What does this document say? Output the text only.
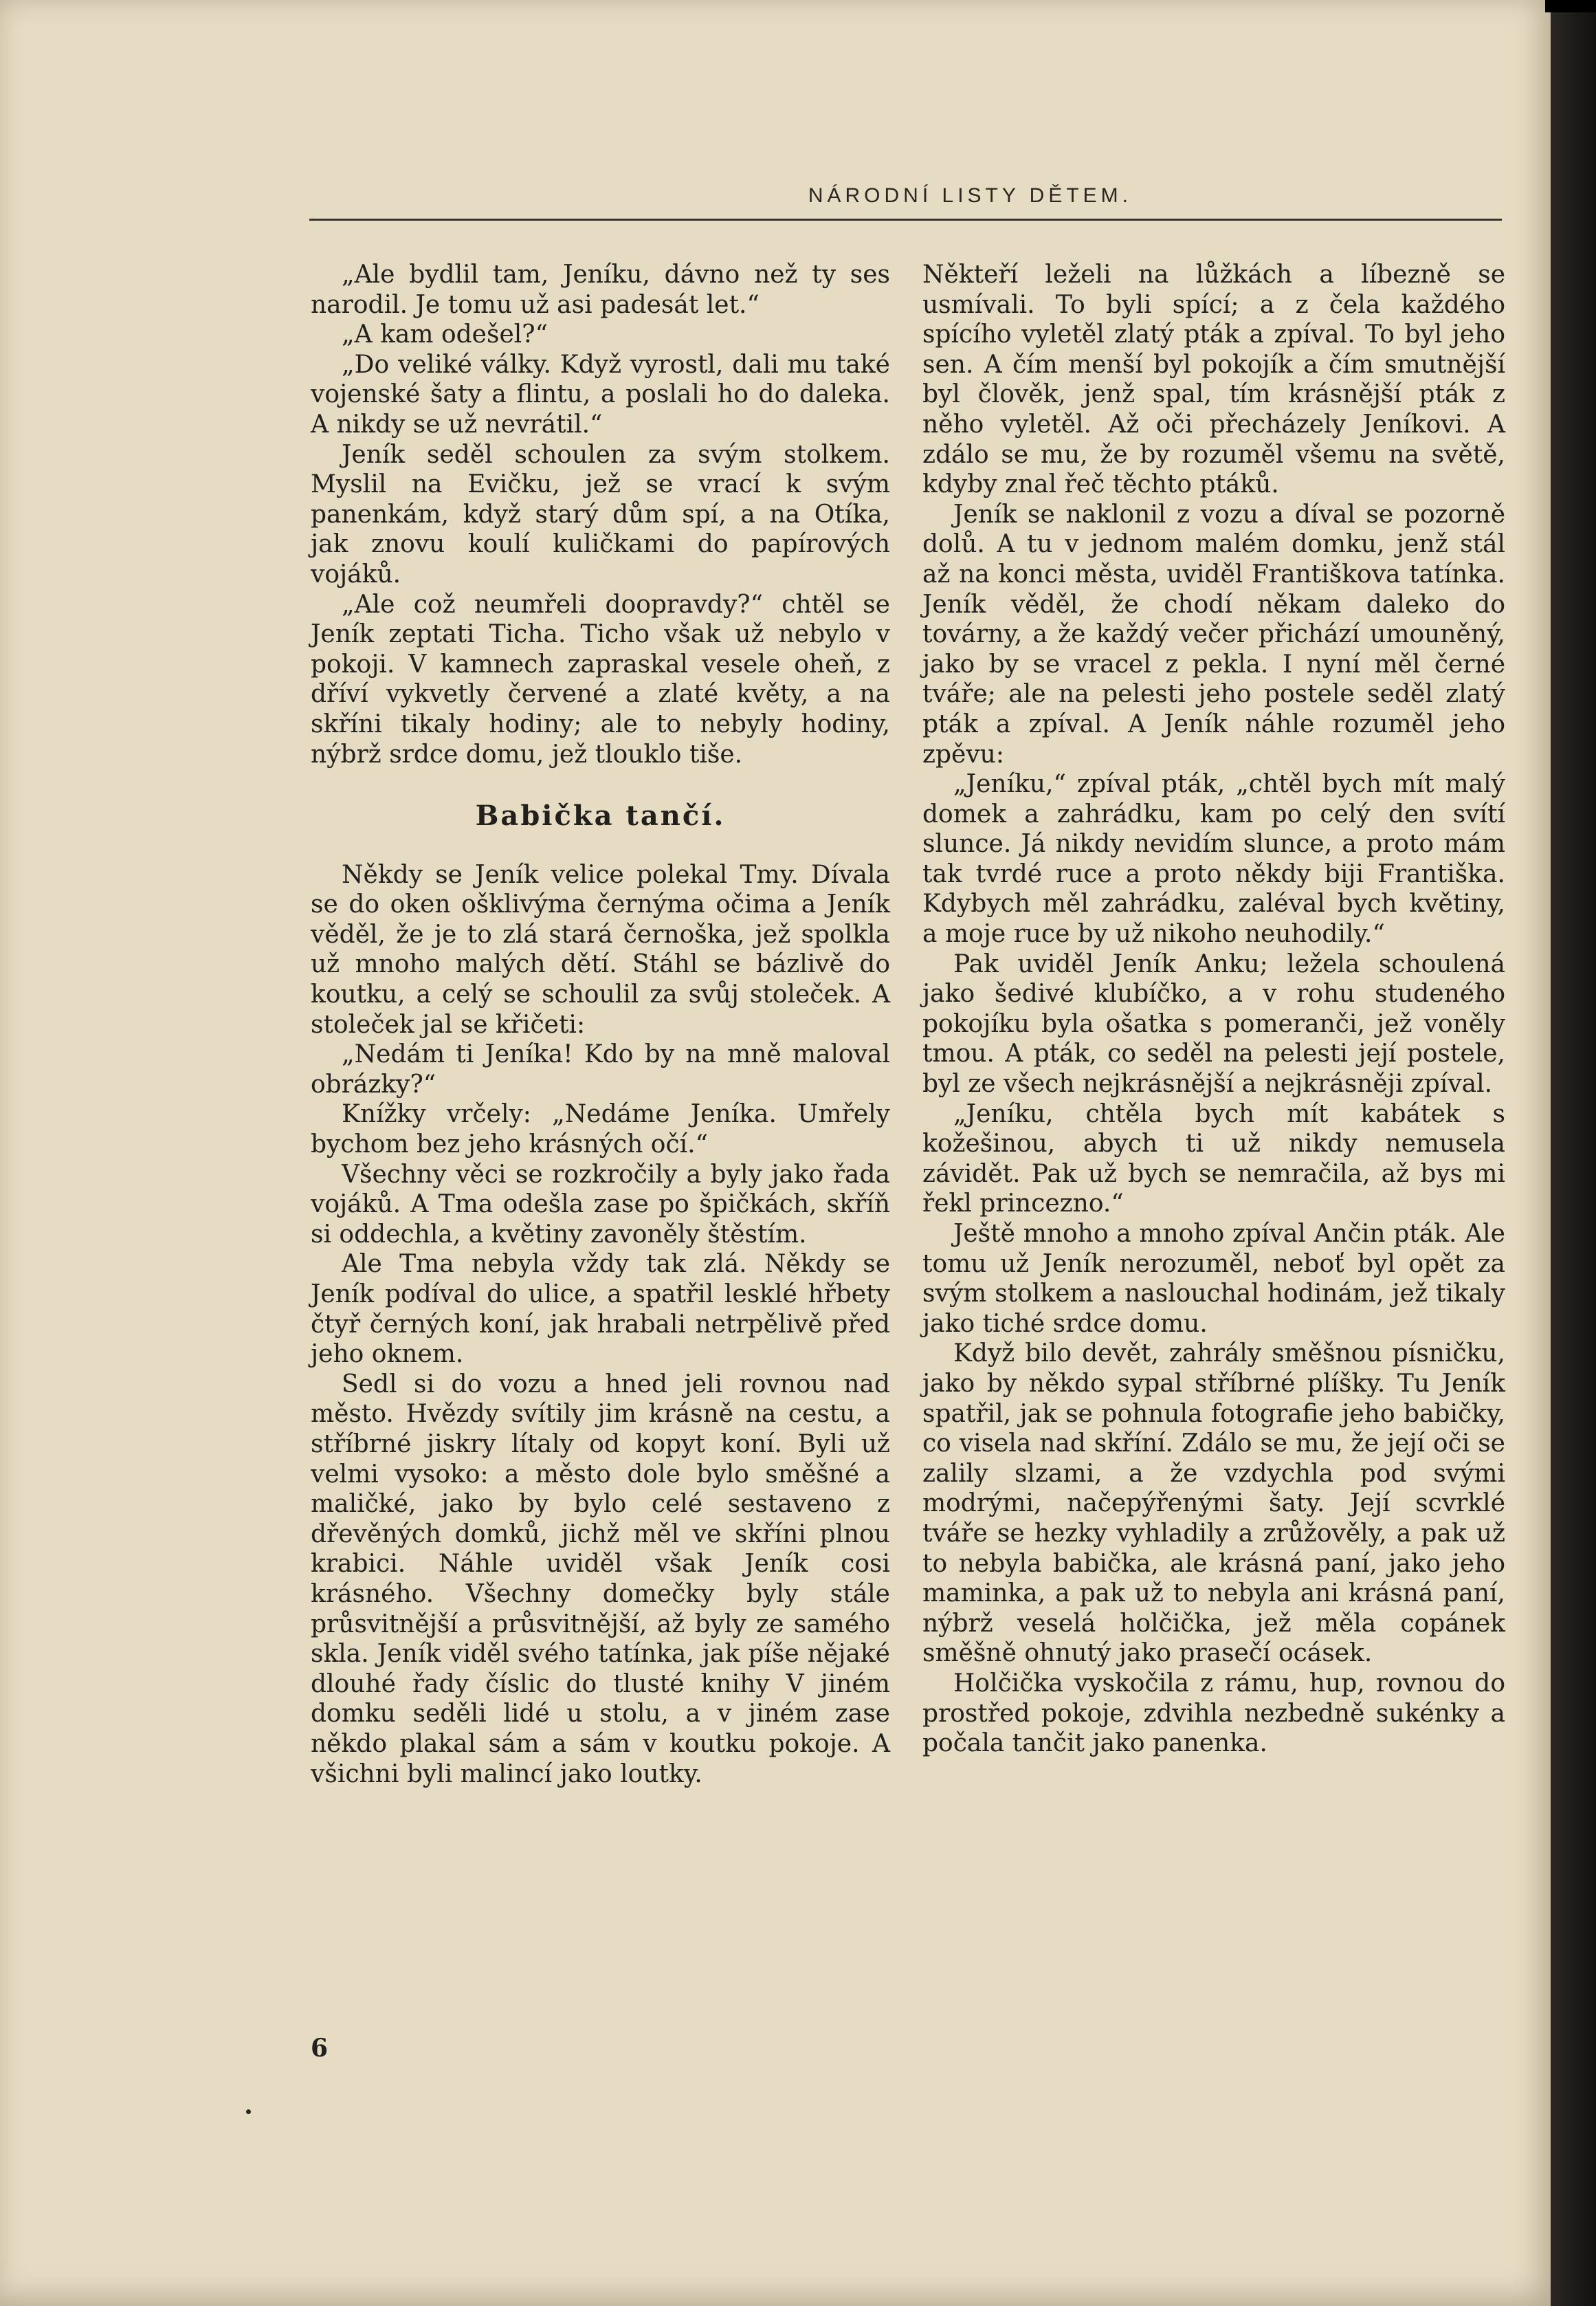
NÁRODNÍ LISTY DĚTEM.

„Ale bydlil tam, Jeníku, dávno než ty ses narodil. Je tomu už asi padesát let.“

„A kam odešel?“

„Do veliké války. Když vyrostl, dali mu také vojenské šaty a flintu, a poslali ho do daleka. A nikdy se už nevrátil.“

Jeník seděl schoulen za svým stolkem. Myslil na Evičku, jež se vrací k svým panenkám, když starý dům spí, a na Otíka, jak znovu koulí kuličkami do papírových vojáků.

„Ale což neumřeli doopravdy?“ chtěl se Jeník zeptati Ticha. Ticho však už nebylo v pokoji. V kamnech zapraskal vesele oheň, z dříví vykvetly červené a zlaté květy, a na skříni tikaly hodiny; ale to nebyly hodiny, nýbrž srdce domu, jež tlouklo tiše.

Babička tančí.

Někdy se Jeník velice polekal Tmy. Dívala se do oken ošklivýma černýma očima a Jeník věděl, že je to zlá stará černoška, jež spolkla už mnoho malých dětí. Stáhl se bázlivě do koutku, a celý se schoulil za svůj stoleček. A stoleček jal se křičeti:

„Nedám ti Jeníka! Kdo by na mně maloval obrázky?“

Knížky vrčely: „Nedáme Jeníka. Umřely bychom bez jeho krásných očí.“

Všechny věci se rozkročily a byly jako řada vojáků. A Tma odešla zase po špičkách, skříň si oddechla, a květiny zavoněly štěstím.

Ale Tma nebyla vždy tak zlá. Někdy se Jeník podíval do ulice, a spatřil lesklé hřbety čtyř černých koní, jak hrabali netrpělivě před jeho oknem.

Sedl si do vozu a hned jeli rovnou nad město. Hvězdy svítily jim krásně na cestu, a stříbrné jiskry lítaly od kopyt koní. Byli už velmi vysoko: a město dole bylo směšné a maličké, jako by bylo celé sestaveno z dřevěných domků, jichž měl ve skříni plnou krabici. Náhle uviděl však Jeník cosi krásného. Všechny domečky byly stále průsvitnější a průsvitnější, až byly ze samého skla. Jeník viděl svého tatínka, jak píše nějaké dlouhé řady číslic do tlusté knihy V jiném domku seděli lidé u stolu, a v jiném zase někdo plakal sám a sám v koutku pokoje. A všichni byli malincí jako loutky.

Někteří leželi na lůžkách a líbezně se usmívali. To byli spící; a z čela každého spícího vyletěl zlatý pták a zpíval. To byl jeho sen. A čím menší byl pokojík a čím smutnější byl člověk, jenž spal, tím krásnější pták z něho vyletěl. Až oči přecházely Jeníkovi. A zdálo se mu, že by rozuměl všemu na světě, kdyby znal řeč těchto ptáků.

Jeník se naklonil z vozu a díval se pozorně dolů. A tu v jednom malém domku, jenž stál až na konci města, uviděl Františkova tatínka. Jeník věděl, že chodí někam daleko do továrny, a že každý večer přichází umouněný, jako by se vracel z pekla. I nyní měl černé tváře; ale na pelesti jeho postele seděl zlatý pták a zpíval. A Jeník náhle rozuměl jeho zpěvu:

„Jeníku,“ zpíval pták, „chtěl bych mít malý domek a zahrádku, kam po celý den svítí slunce. Já nikdy nevidím slunce, a proto mám tak tvrdé ruce a proto někdy biji Františka. Kdybych měl zahrádku, zaléval bych květiny, a moje ruce by už nikoho neuhodily.“

Pak uviděl Jeník Anku; ležela schoulená jako šedivé klubíčko, a v rohu studeného pokojíku byla ošatka s pomeranči, jež voněly tmou. A pták, co seděl na pelesti její postele, byl ze všech nejkrásnější a nejkrásněji zpíval.

„Jeníku, chtěla bych mít kabátek s kožešinou, abych ti už nikdy nemusela závidět. Pak už bych se nemračila, až bys mi řekl princezno.“

Ještě mnoho a mnoho zpíval Ančin pták. Ale tomu už Jeník nerozuměl, neboť byl opět za svým stolkem a naslouchal hodinám, jež tikaly jako tiché srdce domu.

Když bilo devět, zahrály směšnou písničku, jako by někdo sypal stříbrné plíšky. Tu Jeník spatřil, jak se pohnula fotografie jeho babičky, co visela nad skříní. Zdálo se mu, že její oči se zalily slzami, a že vzdychla pod svými modrými, načepýřenými šaty. Její scvrklé tváře se hezky vyhladily a zrůžověly, a pak už to nebyla babička, ale krásná paní, jako jeho maminka, a pak už to nebyla ani krásná paní, nýbrž veselá holčička, jež měla copánek směšně ohnutý jako prasečí ocásek.

Holčička vyskočila z rámu, hup, rovnou do prostřed pokoje, zdvihla nezbedně sukénky a počala tančit jako panenka.

6
